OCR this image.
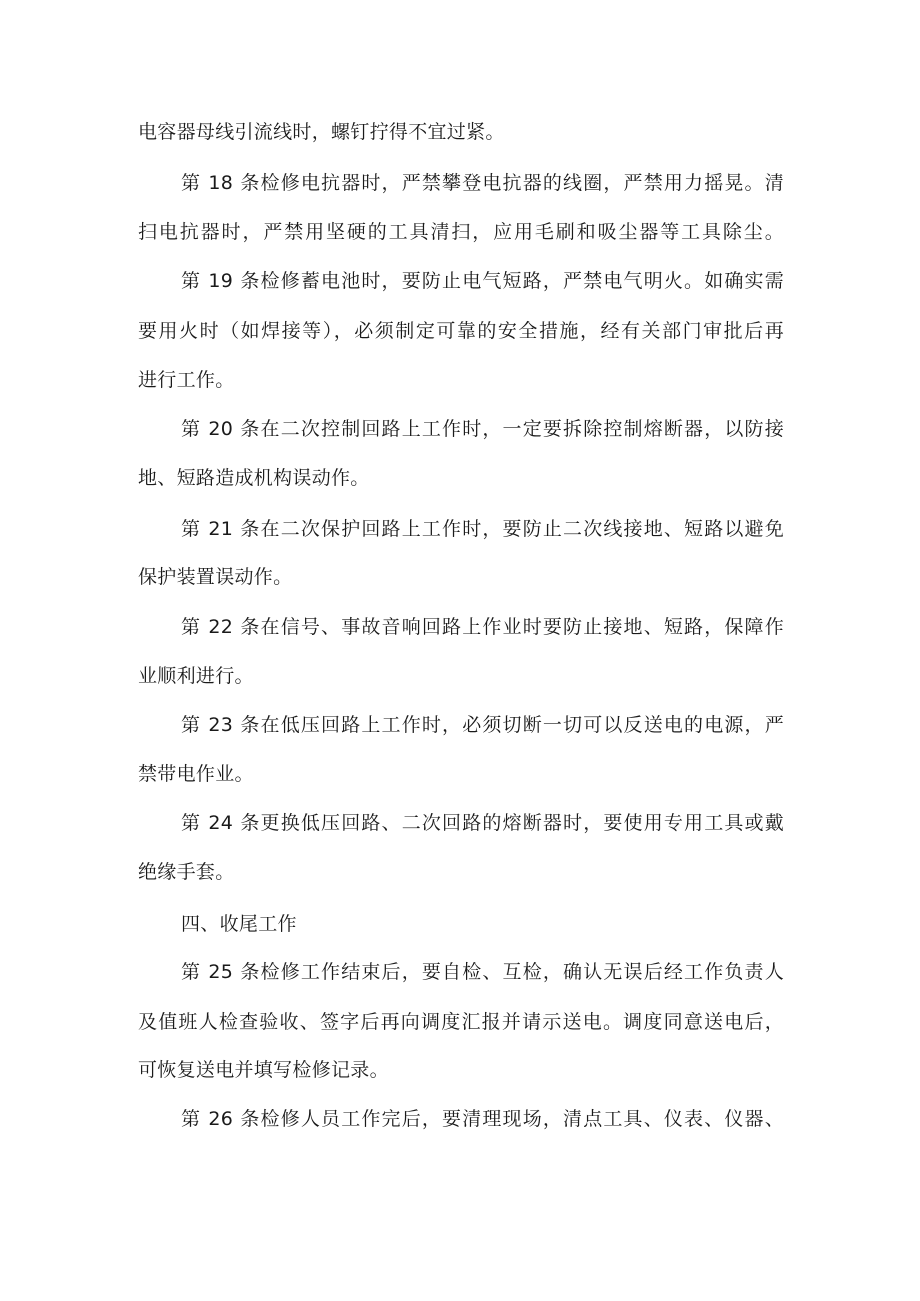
电容器母线引流线时，螺钉拧得不宜过紧。
第 18 条检修电抗器时，严禁攀登电抗器的线圈，严禁用力摇晃。清
扫电抗器时，严禁用坚硬的工具清扫，应用毛刷和吸尘器等工具除尘。
第 19 条检修蓄电池时，要防止电气短路，严禁电气明火。如确实需
要用火时（如焊接等），必须制定可靠的安全措施，经有关部门审批后再
进行工作。
第 20 条在二次控制回路上工作时，一定要拆除控制熔断器，以防接
地、短路造成机构误动作。
第 21 条在二次保护回路上工作时，要防止二次线接地、短路以避免
保护装置误动作。
第 22 条在信号、事故音响回路上作业时要防止接地、短路，保障作
业顺利进行。
第 23 条在低压回路上工作时，必须切断一切可以反送电的电源，严
禁带电作业。
第 24 条更换低压回路、二次回路的熔断器时，要使用专用工具或戴
绝缘手套。
四、收尾工作
第 25 条检修工作结束后，要自检、互检，确认无误后经工作负责人
及值班人检查验收、签字后再向调度汇报并请示送电。调度同意送电后，
可恢复送电并填写检修记录。
第 26 条检修人员工作完后，要清理现场，清点工具、仪表、仪器、
